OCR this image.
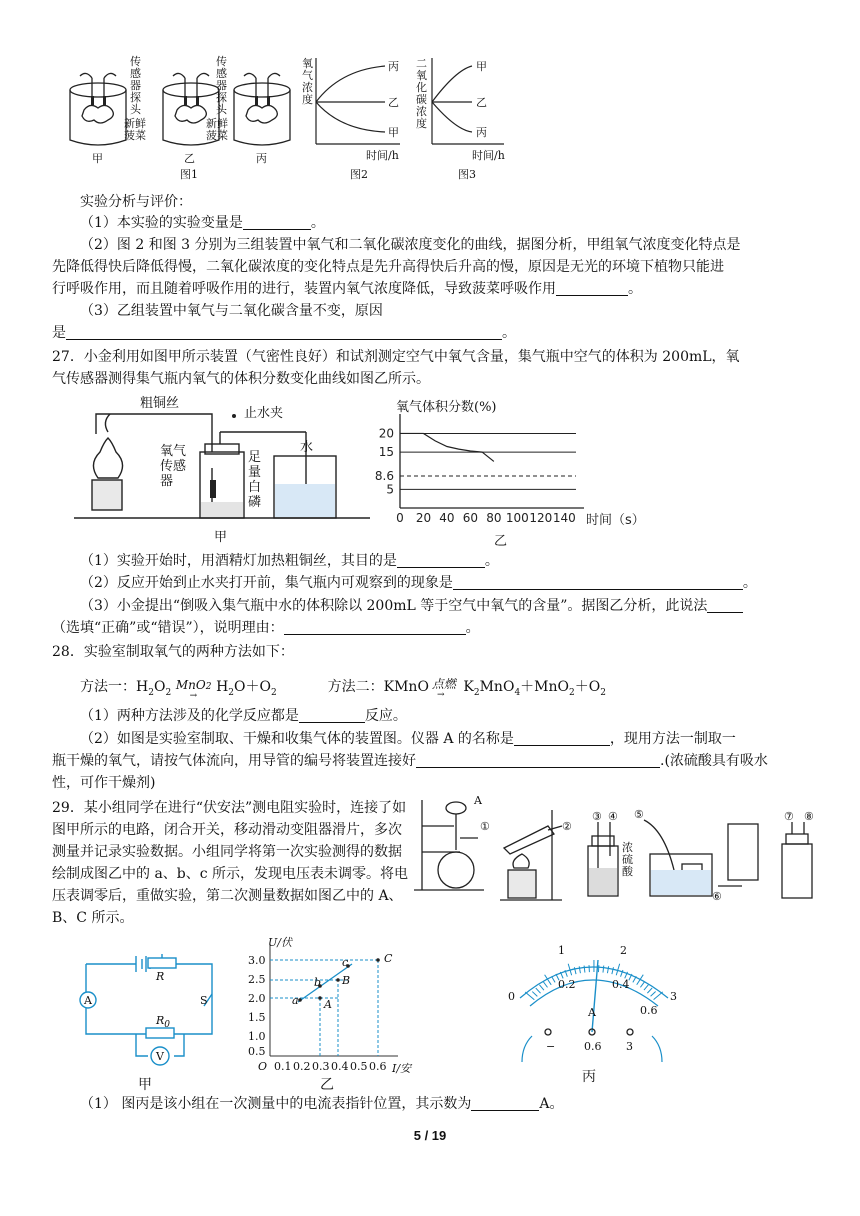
传感器探头
新鲜菠菜
传感器探头
新鲜菠菜
甲	乙	丙
图1
氧气浓度
丙
乙
甲
时间/h
图2
二氧化碳浓度
甲
乙
丙
时间/h
图3
实验分析与评价：
（1）本实验的实验变量是	。
（2）图 2 和图 3 分别为三组装置中氧气和二氧化碳浓度变化的曲线，据图分析，甲组氧气浓度变化特点是
先降低得快后降低得慢，二氧化碳浓度的变化特点是先升高得快后升高的慢，原因是无光的环境下植物只能进
行呼吸作用，而且随着呼吸作用的进行，装置内氧气浓度降低，导致菠菜呼吸作用	。
（3）乙组装置中氧气与二氧化碳含量不变，原因
是	。
27．小金利用如图甲所示装置（气密性良好）和试剂测定空气中氧气含量，集气瓶中空气的体积为 200mL，氧
气传感器测得集气瓶内氧气的体积分数变化曲线如图乙所示。
粗铜丝
止水夹
水
氧气传感器
足量白磷
甲
5
8.6
15
20
0 20 40 60 80 100 120 140 时间（s）
氧气体积分数(%)
乙
（1）实验开始时，用酒精灯加热粗铜丝，其目的是	。
（2）反应开始到止水夹打开前，集气瓶内可观察到的现象是	。
（3）小金提出“倒吸入集气瓶中水的体积除以 200mL 等于空气中氧气的含量”。据图乙分析，此说法
（选填“正确”或“错误”），说明理由：	。
28．实验室制取氧气的两种方法如下：
方法一：$H_2O_2$ MnO2
→
$H_2O+O_2$	方法二：KMnO 点燃
→ $K_2MnO_4+MnO_2+O_2$
（1）两种方法涉及的化学反应都是	反应。
（2）如图是实验室制取、干燥和收集气体的装置图。仪器 A 的名称是	，现用方法一制取一
瓶干燥的氧气，请按气体流向，用导管的编号将装置连接好	.(浓硫酸具有吸水
性，可作干燥剂)
29．某小组同学在进行“伏安法”测电阻实验时，连接了如图甲所示的电路，闭合开关，移动滑动变阻器滑片，多次测量并记录实验数据。小组同学将第一次实验测得的数据绘制成图乙中的 a、b、c 所示，发现电压表未调零。将电压表调零后，重做实验，第二次测量数据如图乙中的 A、B、C 所示。
A
①	②
③ ④ ⑤
⑥
⑦ ⑧
浓硫酸
R
S
A
V
$R_0$
甲
U/伏
3.0
2.5
2.0
1.5
1.0
0.5
O 0.1 0.2 0.3 0.4 0.5 0.6 I/安
a
b
c
A
B
C
乙
0
1	2
3
0.2	0.4
0.6
A
−	0.6 3
丙
（1） 图丙是该小组在一次测量中的电流表指针位置，其示数为	A。
5 / 19
